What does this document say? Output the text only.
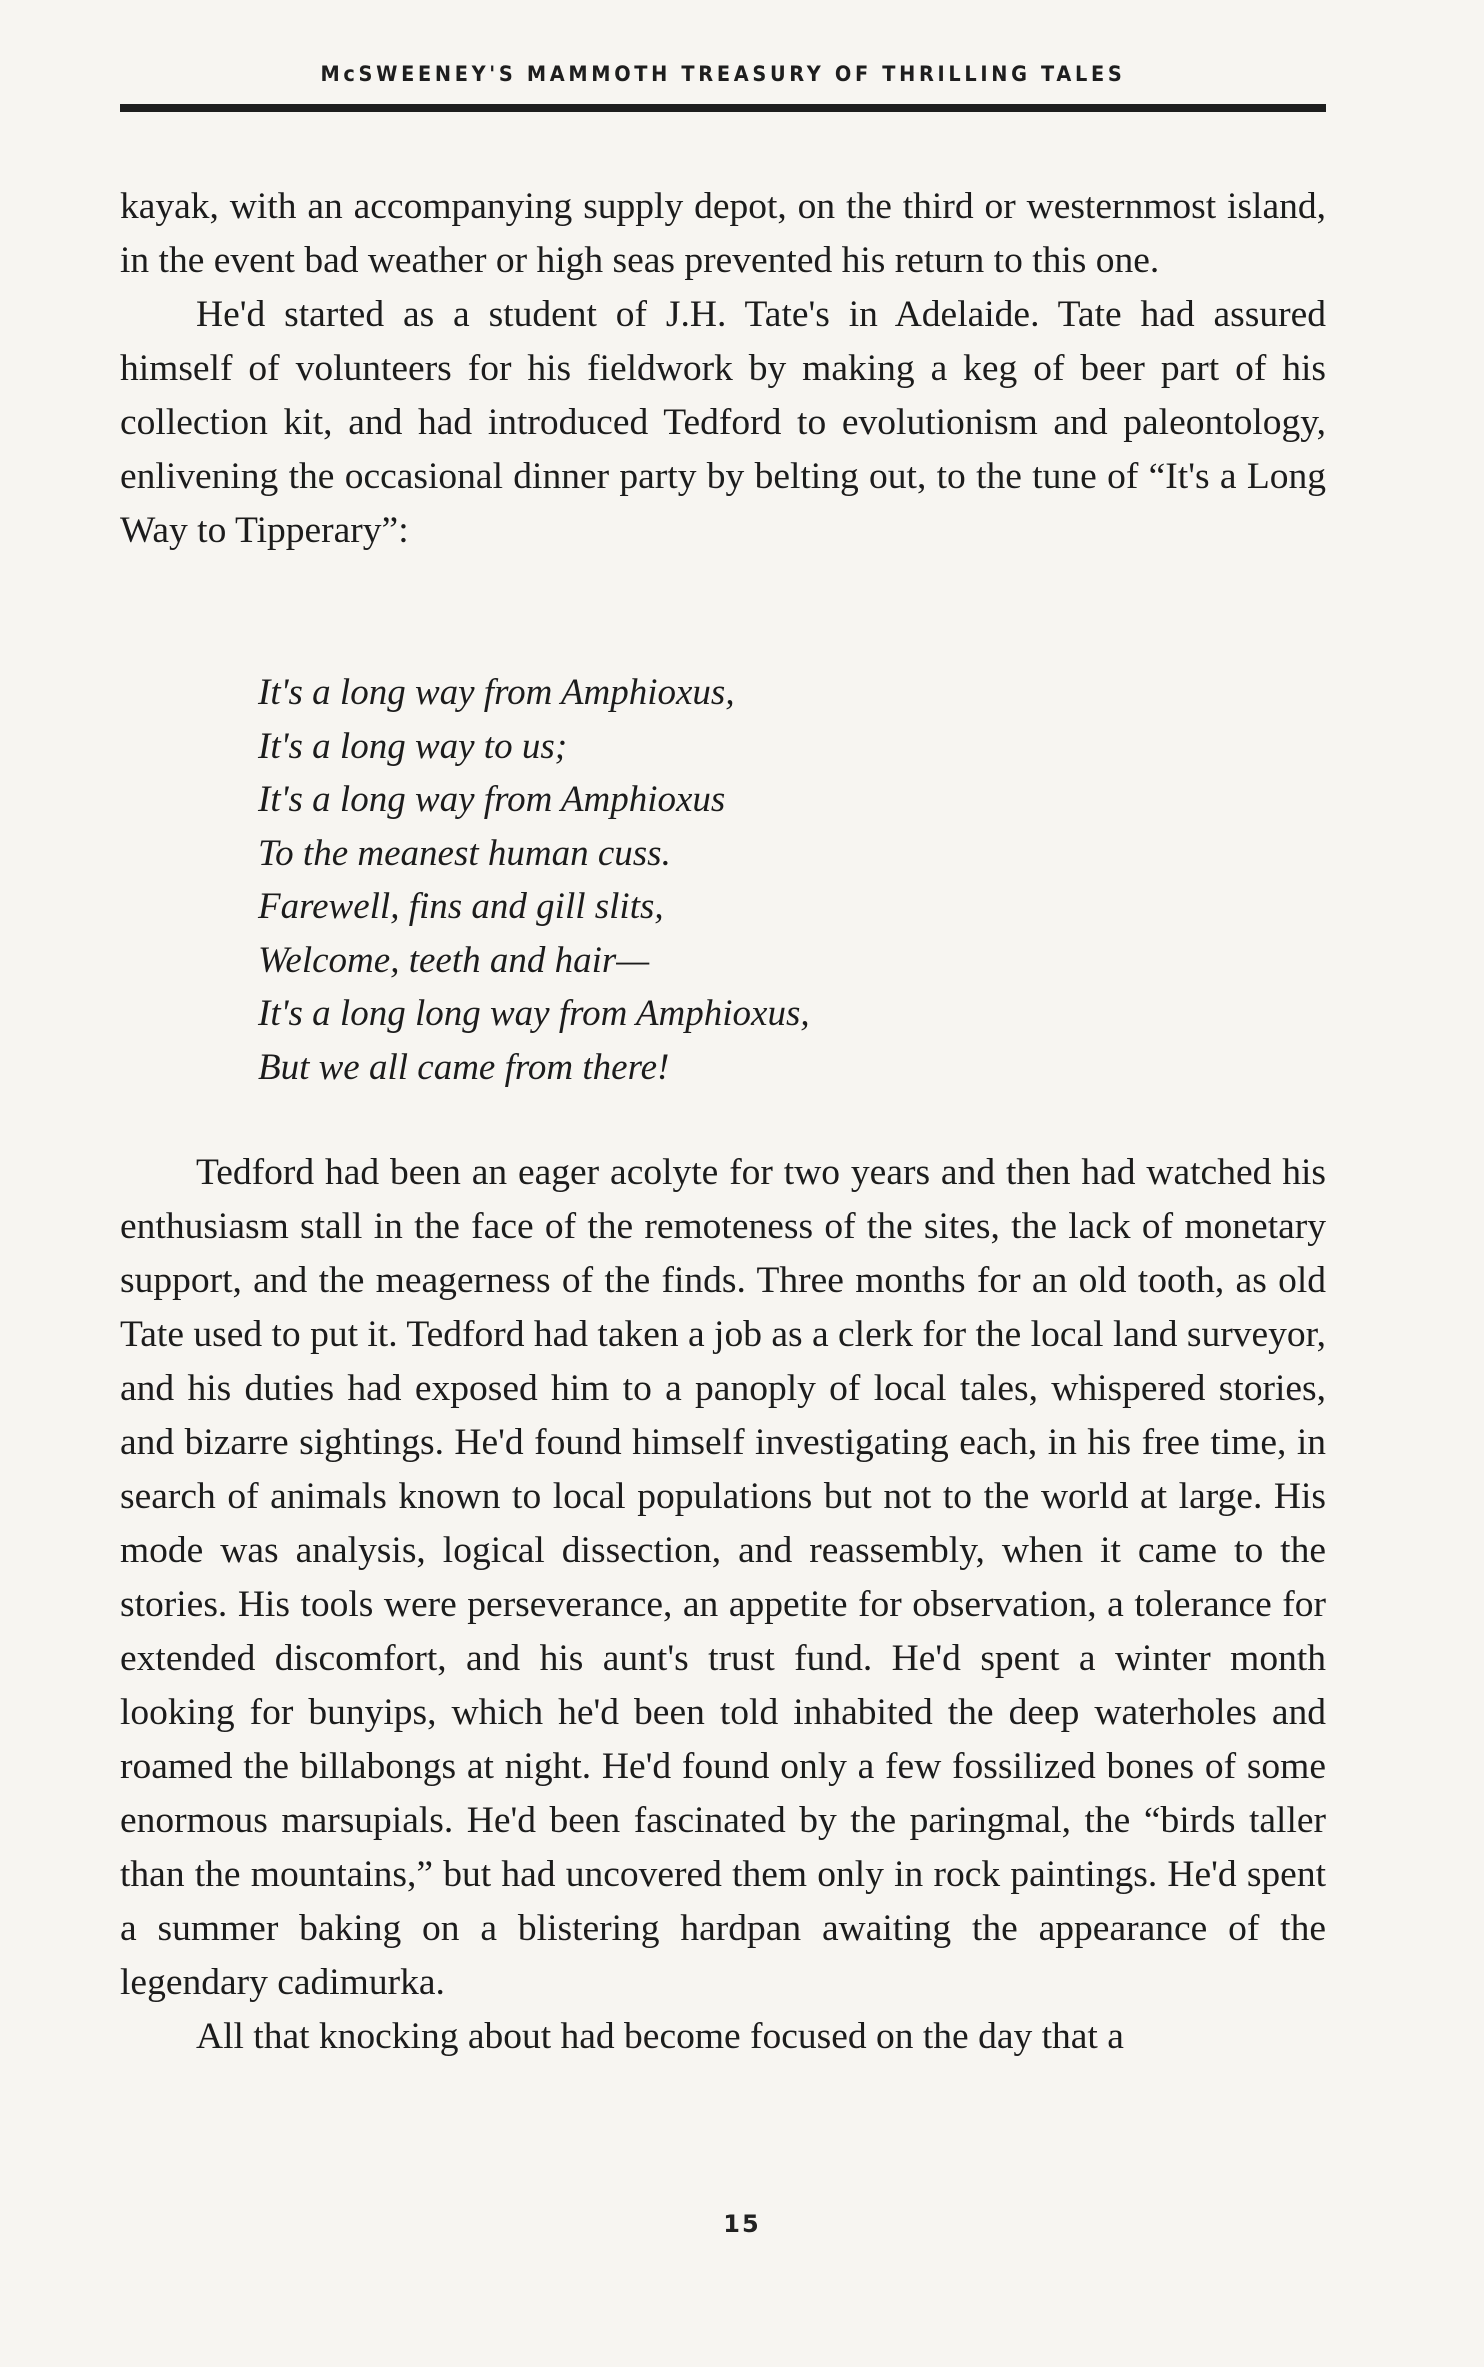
McSWEENEY'S MAMMOTH TREASURY OF THRILLING TALES

kayak, with an accompanying supply depot, on the third or westernmost island, in the event bad weather or high seas prevented his return to this one.

He'd started as a student of J.H. Tate's in Adelaide. Tate had assured himself of volunteers for his fieldwork by making a keg of beer part of his collection kit, and had introduced Tedford to evolutionism and paleontology, enlivening the occasional dinner party by belting out, to the tune of “It's a Long Way to Tipperary”:

It's a long way from Amphioxus,
It's a long way to us;
It's a long way from Amphioxus
To the meanest human cuss.
Farewell, fins and gill slits,
Welcome, teeth and hair—
It's a long long way from Amphioxus,
But we all came from there!

Tedford had been an eager acolyte for two years and then had watched his enthusiasm stall in the face of the remoteness of the sites, the lack of monetary support, and the meagerness of the finds. Three months for an old tooth, as old Tate used to put it. Tedford had taken a job as a clerk for the local land surveyor, and his duties had exposed him to a panoply of local tales, whispered stories, and bizarre sightings. He'd found himself investigating each, in his free time, in search of animals known to local populations but not to the world at large. His mode was analysis, logical dissection, and reassembly, when it came to the stories. His tools were perseverance, an appetite for observation, a tolerance for extended discomfort, and his aunt's trust fund. He'd spent a winter month looking for bunyips, which he'd been told inhabited the deep waterholes and roamed the billabongs at night. He'd found only a few fossilized bones of some enormous marsupials. He'd been fascinated by the paringmal, the “birds taller than the mountains,” but had uncovered them only in rock paintings. He'd spent a summer baking on a blistering hardpan awaiting the appearance of the legendary cadimurka.

All that knocking about had become focused on the day that a

15
